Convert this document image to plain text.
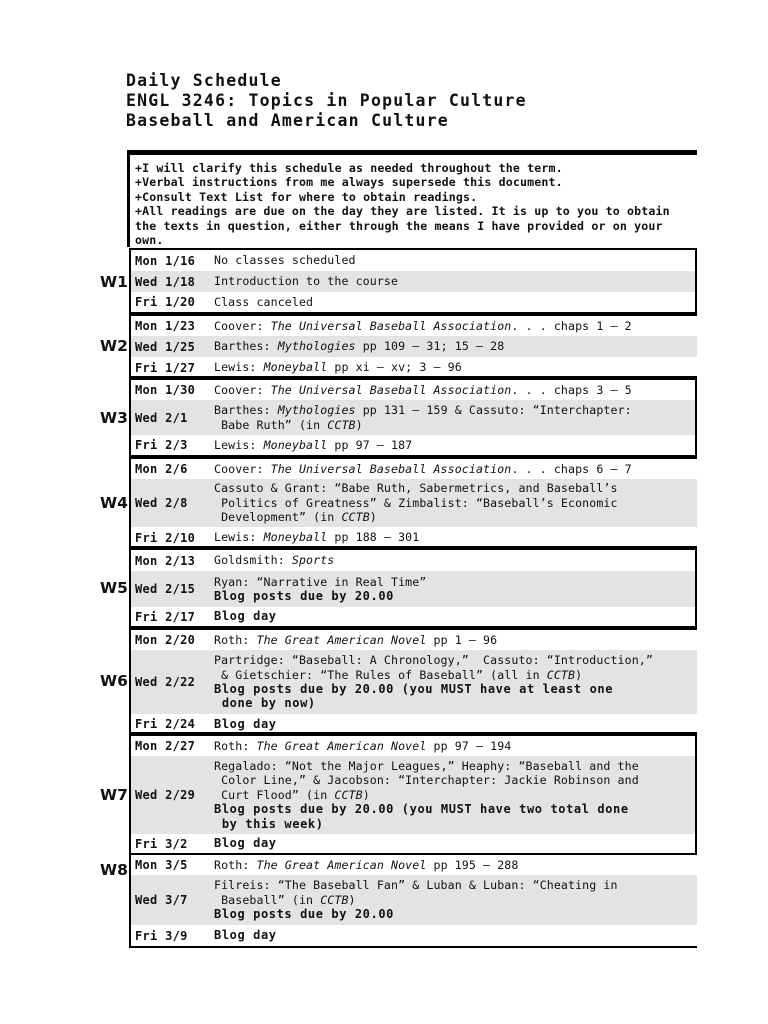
Daily Schedule
ENGL 3246: Topics in Popular Culture
Baseball and American Culture
+I will clarify this schedule as needed throughout the term.
+Verbal instructions from me always supersede this document.
+Consult Text List for where to obtain readings.
+All readings are due on the day they are listed. It is up to you to obtain the texts in question, either through the means I have provided or on your own.
W1
Mon 1/16	No classes scheduled
Wed 1/18	Introduction to the course
Fri 1/20	Class canceled
W2
Mon 1/23	Coover: The Universal Baseball Association. . . chaps 1 – 2
Wed 1/25	Barthes: Mythologies pp 109 – 31; 15 – 28
Fri 1/27	Lewis: Moneyball pp xi – xv; 3 – 96
W3
Mon 1/30	Coover: The Universal Baseball Association. . . chaps 3 – 5
Wed 2/1
Barthes: Mythologies pp 131 – 159 & Cassuto: “Interchapter:
Babe Ruth” (in CCTB)
Fri 2/3	Lewis: Moneyball pp 97 – 187
W4
Mon 2/6	Coover: The Universal Baseball Association. . . chaps 6 – 7
Wed 2/8
Cassuto & Grant: “Babe Ruth, Sabermetrics, and Baseball’s
Politics of Greatness” & Zimbalist: “Baseball’s Economic
Development” (in CCTB)
Fri 2/10	Lewis: Moneyball pp 188 – 301
W5
Mon 2/13	Goldsmith: Sports
Wed 2/15
Ryan: “Narrative in Real Time”
Blog posts due by 20.00
Fri 2/17	Blog day
W6
Mon 2/20	Roth: The Great American Novel pp 1 – 96
Wed 2/22
Partridge: “Baseball: A Chronology,”  Cassuto: “Introduction,”
& Gietschier: “The Rules of Baseball” (all in CCTB)
Blog posts due by 20.00 (you MUST have at least one
done by now)
Fri 2/24	Blog day
W7
Mon 2/27	Roth: The Great American Novel pp 97 – 194
Wed 2/29
Regalado: “Not the Major Leagues,” Heaphy: “Baseball and the
Color Line,” & Jacobson: “Interchapter: Jackie Robinson and
Curt Flood” (in CCTB)
Blog posts due by 20.00 (you MUST have two total done
by this week)
Fri 3/2	Blog day
W8 Mon 3/5	Roth: The Great American Novel pp 195 – 288
Wed 3/7
Filreis: “The Baseball Fan” & Luban & Luban: “Cheating in
Baseball” (in CCTB)
Blog posts due by 20.00
Fri 3/9	Blog day
